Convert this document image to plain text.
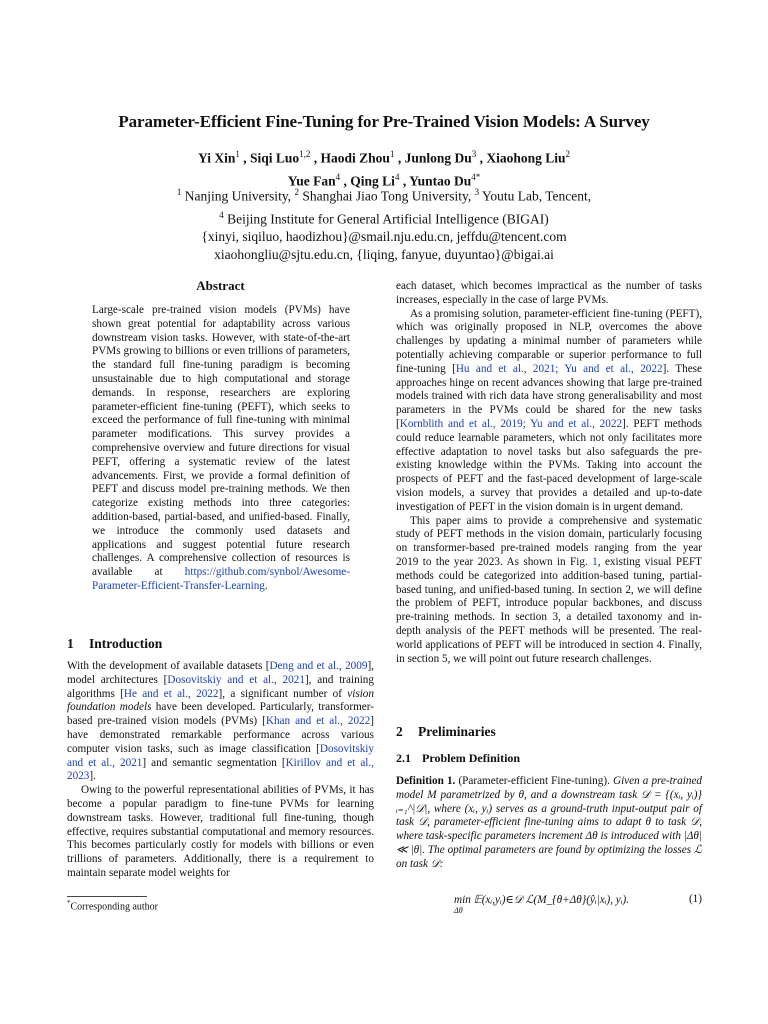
Parameter-Efficient Fine-Tuning for Pre-Trained Vision Models: A Survey
Yi Xin$^1$ , Siqi Luo$^{1,2}$ , Haodi Zhou$^1$ , Junlong Du$^3$ , Xiaohong Liu$^2$
Yue Fan$^4$ , Qing Li$^4$ , Yuntao $Du^{4*}$
$^1$ Nanjing University, $^2$ Shanghai Jiao Tong University, $^3$ Youtu Lab, Tencent,
$^4$ Beijing Institute for General Artificial Intelligence (BIGAI)
{xinyi, siqiluo, haodizhou}@smail.nju.edu.cn, jeffdu@tencent.com
xiaohongliu@sjtu.edu.cn, {liqing, fanyue, duyuntao}@bigai.ai
Abstract
Large-scale pre-trained vision models (PVMs) have shown great potential for adaptability across various downstream vision tasks. However, with state-of-the-art PVMs growing to billions or even trillions of parameters, the standard full fine-tuning paradigm is becoming unsustainable due to high computational and storage demands. In response, researchers are exploring parameter-efficient fine-tuning (PEFT), which seeks to exceed the performance of full fine-tuning with minimal parameter modifications. This survey provides a comprehensive overview and future directions for visual PEFT, offering a systematic review of the latest advancements. First, we provide a formal definition of PEFT and discuss model pre-training methods. We then categorize existing methods into three categories: addition-based, partial-based, and unified-based. Finally, we introduce the commonly used datasets and applications and suggest potential future research challenges. A comprehensive collection of resources is available at https://github.com/synbol/Awesome-Parameter-Efficient-Transfer-Learning.
1 Introduction

With the development of available datasets [Deng and et al., 2009], model architectures [Dosovitskiy and et al., 2021], and training algorithms [He and et al., 2022], a significant number of vision foundation models have been developed. Particularly, transformer-based pre-trained vision models (PVMs) [Khan and et al., 2022] have demonstrated remarkable performance across various computer vision tasks, such as image classification [Dosovitskiy and et al., 2021] and semantic segmentation [Kirillov and et al., 2023].

Owing to the powerful representational abilities of PVMs, it has become a popular paradigm to fine-tune PVMs for learning downstream tasks. However, traditional full fine-tuning, though effective, requires substantial computational and memory resources. This becomes particularly costly for models with billions or even trillions of parameters. Additionally, there is a requirement to maintain separate model weights for

*Corresponding author

each dataset, which becomes impractical as the number of tasks increases, especially in the case of large PVMs.

As a promising solution, parameter-efficient fine-tuning (PEFT), which was originally proposed in NLP, overcomes the above challenges by updating a minimal number of parameters while potentially achieving comparable or superior performance to full fine-tuning [Hu and et al., 2021; Yu and et al., 2022]. These approaches hinge on recent advances showing that large pre-trained models trained with rich data have strong generalisability and most parameters in the PVMs could be shared for the new tasks [Kornblith and et al., 2019; Yu and et al., 2022]. PEFT methods could reduce learnable parameters, which not only facilitates more effective adaptation to novel tasks but also safeguards the pre-existing knowledge within the PVMs. Taking into account the prospects of PEFT and the fast-paced development of large-scale vision models, a survey that provides a detailed and up-to-date investigation of PEFT in the vision domain is in urgent demand.

This paper aims to provide a comprehensive and systematic study of PEFT methods in the vision domain, particularly focusing on transformer-based pre-trained models ranging from the year 2019 to the year 2023. As shown in Fig. 1, existing visual PEFT methods could be categorized into addition-based tuning, partial-based tuning, and unified-based tuning. In section 2, we will define the problem of PEFT, introduce popular backbones, and discuss pre-training methods. In section 3, a detailed taxonomy and in-depth analysis of the PEFT methods will be presented. The real-world applications of PEFT will be introduced in section 4. Finally, in section 5, we will point out future research challenges.

2 Preliminaries
2.1 Problem Definition

Definition 1. (Parameter-efficient Fine-tuning). Given a pre-trained model M parametrized by θ, and a downstream task 𝒟 = {(xᵢ, yᵢ)}ᵢ₌₁^|𝒟|, where (xᵢ, yᵢ) serves as a ground-truth input-output pair of task 𝒟, parameter-efficient fine-tuning aims to adapt θ to task 𝒟, where task-specific parameters increment Δθ is introduced with |Δθ| ≪ |θ|. The optimal parameters are found by optimizing the losses ℒ on task 𝒟:

min 𝔼(xᵢ,yᵢ)∈𝒟 ℒ(M_{θ+Δθ}(ŷᵢ|xᵢ), yᵢ).
Δθ
(1)
